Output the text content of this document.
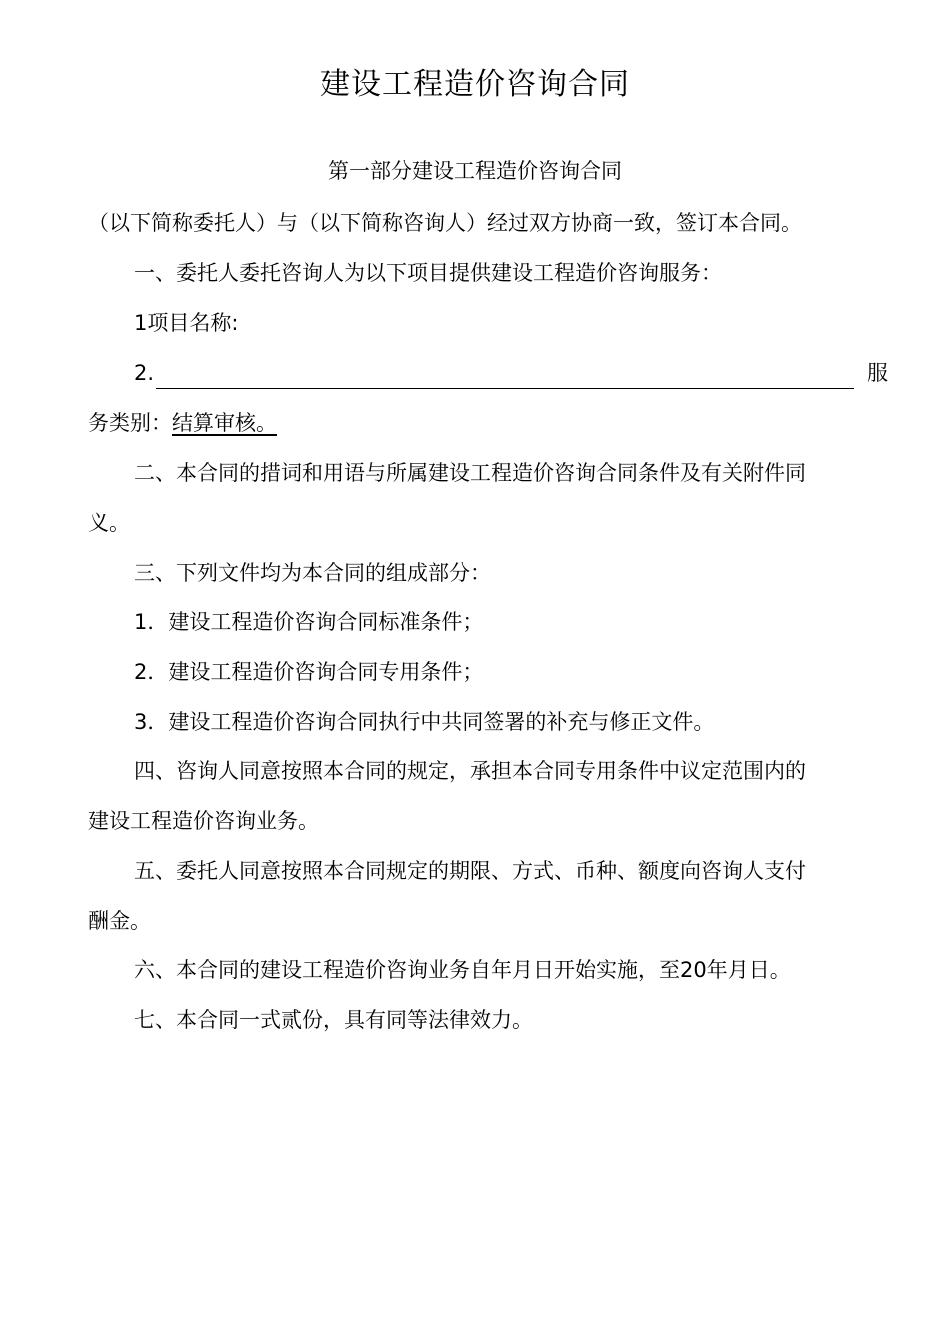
建设工程造价咨询合同
第一部分建设工程造价咨询合同
（以下简称委托人）与（以下简称咨询人）经过双方协商一致，签订本合同。
一、委托人委托咨询人为以下项目提供建设工程造价咨询服务：
1项目名称:
2.	服
务类别：结算审核。
二、本合同的措词和用语与所属建设工程造价咨询合同条件及有关附件同
义。
三、下列文件均为本合同的组成部分：
1．建设工程造价咨询合同标准条件；
2．建设工程造价咨询合同专用条件；
3．建设工程造价咨询合同执行中共同签署的补充与修正文件。
四、咨询人同意按照本合同的规定，承担本合同专用条件中议定范围内的
建设工程造价咨询业务。
五、委托人同意按照本合同规定的期限、方式、币种、额度向咨询人支付
酬金。
六、本合同的建设工程造价咨询业务自年月日开始实施，至20年月日。
七、本合同一式贰份，具有同等法律效力。
